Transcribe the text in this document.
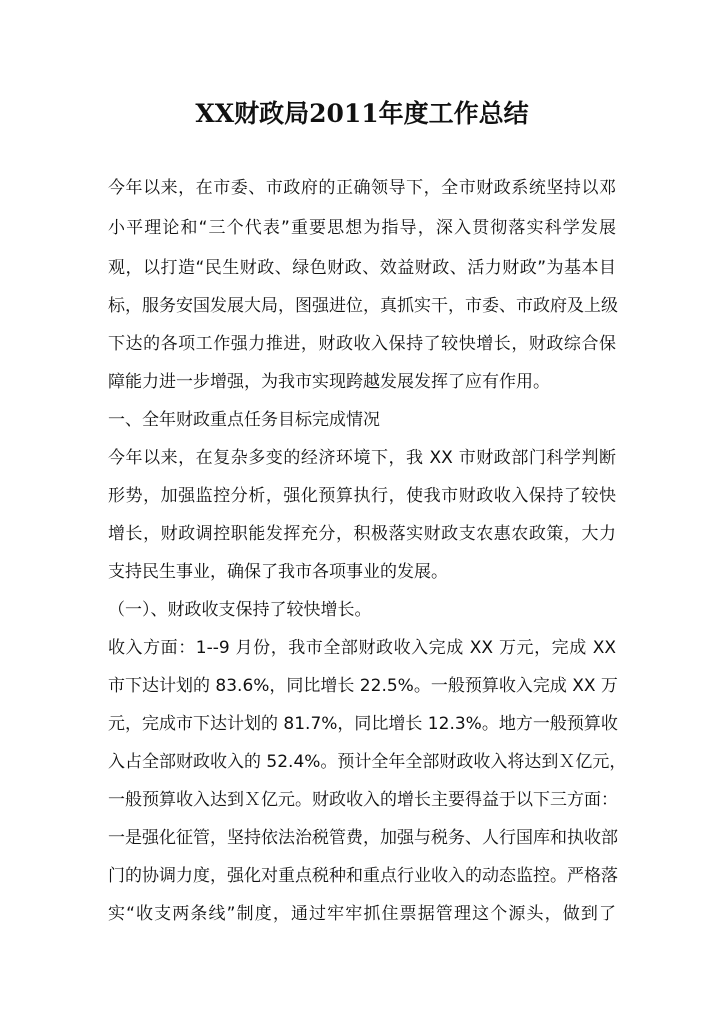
XX财政局2011年度工作总结
今年以来，在市委、市政府的正确领导下，全市财政系统坚持以邓
小平理论和“三个代表”重要思想为指导，深入贯彻落实科学发展
观，以打造“民生财政、绿色财政、效益财政、活力财政”为基本目
标，服务安国发展大局，图强进位，真抓实干，市委、市政府及上级
下达的各项工作强力推进，财政收入保持了较快增长，财政综合保
障能力进一步增强，为我市实现跨越发展发挥了应有作用。
一、全年财政重点任务目标完成情况
今年以来，在复杂多变的经济环境下，我 XX 市财政部门科学判断
形势，加强监控分析，强化预算执行，使我市财政收入保持了较快
增长，财政调控职能发挥充分，积极落实财政支农惠农政策，大力
支持民生事业，确保了我市各项事业的发展。
（一）、财政收支保持了较快增长。
收入方面：1--9 月份，我市全部财政收入完成 XX 万元，完成 XX
市下达计划的 83.6%，同比增长 22.5%。一般预算收入完成 XX 万
元，完成市下达计划的 81.7%，同比增长 12.3%。地方一般预算收
入占全部财政收入的 52.4%。预计全年全部财政收入将达到Ｘ亿元，
一般预算收入达到Ｘ亿元。财政收入的增长主要得益于以下三方面：
一是强化征管，坚持依法治税管费，加强与税务、人行国库和执收部
门的协调力度，强化对重点税种和重点行业收入的动态监控。严格落
实“收支两条线”制度，通过牢牢抓住票据管理这个源头，做到了
